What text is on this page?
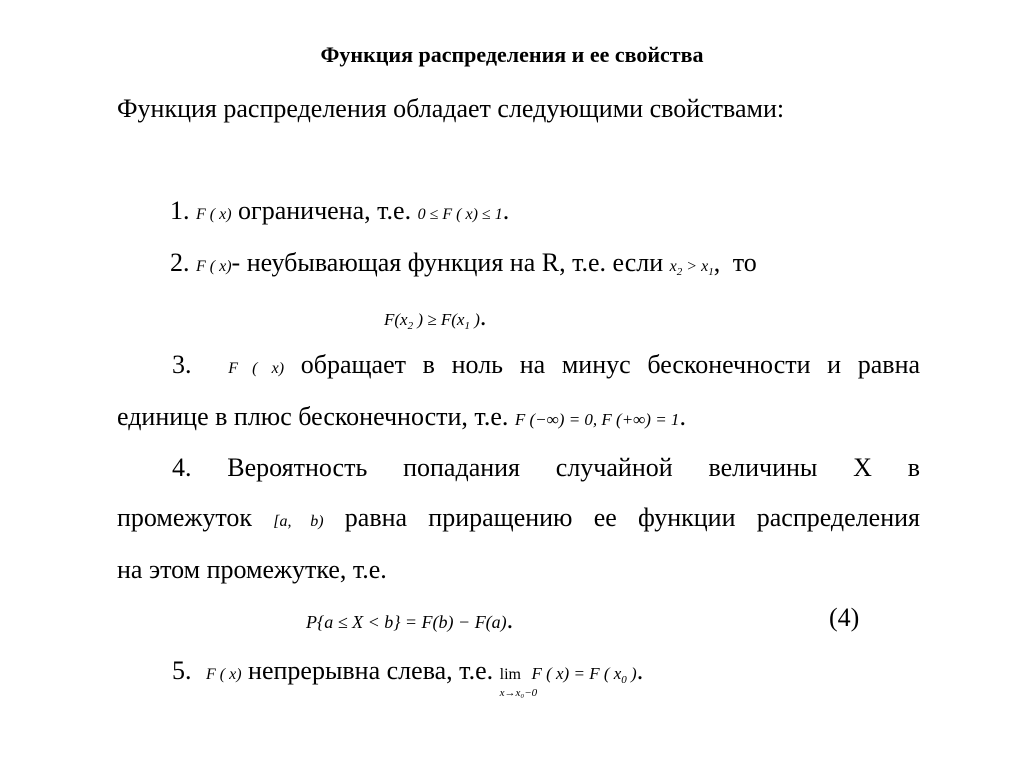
Функция распределения и ее свойства
Функция распределения обладает следующими свойствами:
1. F ( x) ограничена, т.е. 0 ≤ F ( x) ≤ 1.
2. F ( x)- неубывающая функция на R, т.е. если $x_2 > x_1$, то
$F(x_2$ ) ≥ $F(x_1$ ).
3. F ( x) обращает в ноль на минус бесконечности и равна
единице в плюс бесконечности, т.е. F (−∞) = 0, F (+∞) = 1.
4. Вероятность попадания случайной величины X в
промежуток [a, b) равна приращению ее функции распределения
на этом промежутке, т.е.
P{a ≤ X < b} = F(b) − F(a).	(4)
5. F ( x) непрерывна слева, т.е. lim
x→x₀−0
F ( x) = F ( $x_0$ ).
